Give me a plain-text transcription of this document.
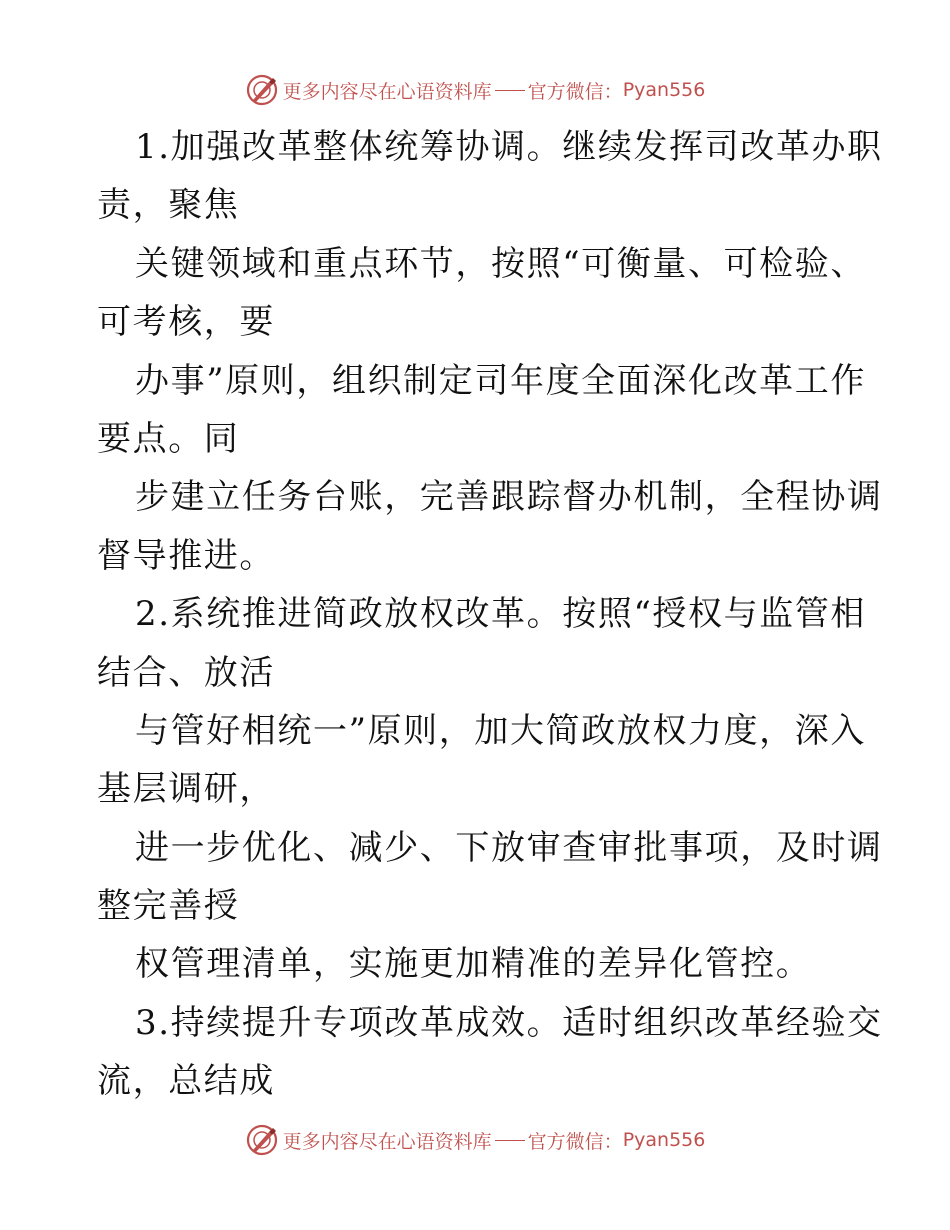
更多内容尽在心语资料库 官方微信： Pyan556
1.加强改革整体统筹协调。继续发挥司改革办职
责，聚焦
关键领域和重点环节，按照“可衡量、可检验、
可考核，要
办事”原则，组织制定司年度全面深化改革工作
要点。同
步建立任务台账，完善跟踪督办机制，全程协调
督导推进。
2.系统推进简政放权改革。按照“授权与监管相
结合、放活
与管好相统一”原则，加大简政放权力度，深入
基层调研，
进一步优化、减少、下放审查审批事项，及时调
整完善授
权管理清单，实施更加精准的差异化管控。
3.持续提升专项改革成效。适时组织改革经验交
流，总结成
更多内容尽在心语资料库 官方微信： Pyan556
